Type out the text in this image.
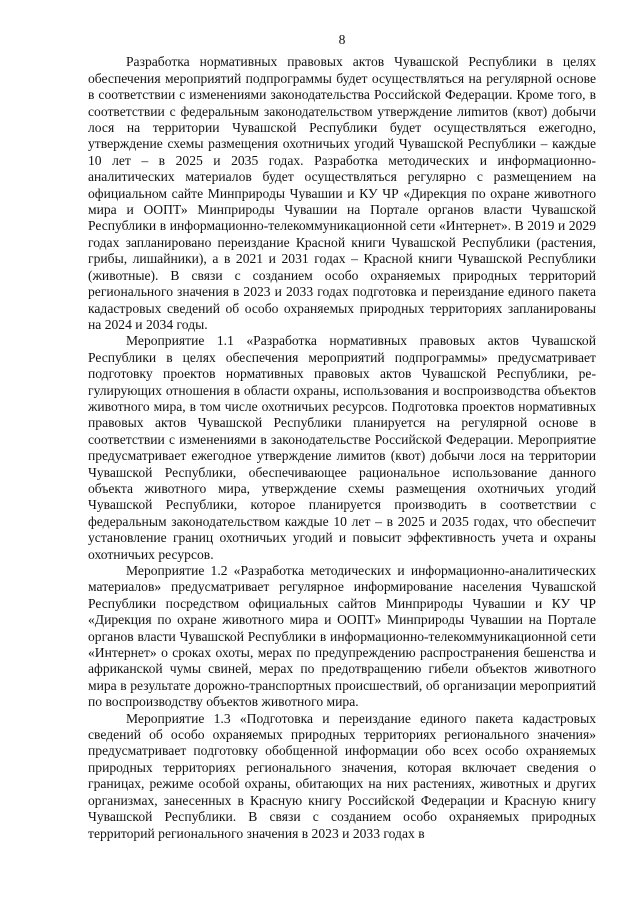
8

Разработка нормативных правовых актов Чувашской Республики в целях обеспечения мероприятий подпрограммы будет осуществляться на регулярной основе в соответствии с изменениями законодательства Российской Федерации. Кроме того, в соответствии с федеральным законодательством утверждение лиmитов (квот) добычи лося на территории Чувашской Республики будет осуществляться ежегодно, утверждение схемы размещения охотничьих угодий Чувашской Республики – каждые 10 лет – в 2025 и 2035 годах. Разработка методических и информационно-аналитических материалов будет осуществляться регулярно с размещением на официальном сайте Минприроды Чувашии и КУ ЧР «Дирекция по охране животного мира и ООПТ» Минприроды Чувашии на Портале органов власти Чувашской Республики в информационно-телекоммуникационной сети «Интернет». В 2019 и 2029 годах запланировано переиздание Красной книги Чувашской Республики (растения, грибы, лишайники), а в 2021 и 2031 годах – Красной книги Чувашской Республики (животные). В связи с созданием особо охраняемых природных территорий регионального значения в 2023 и 2033 годах подготовка и переиздание единого пакета кадастровых сведений об особо охраняемых природных территориях запланированы на 2024 и 2034 годы.

Мероприятие 1.1 «Разработка нормативных правовых актов Чувашской Республики в целях обеспечения мероприятий подпрограммы» предусматривает подготовку проектов нормативных правовых актов Чувашской Республики, регулирующих отношения в области охраны, использования и воспроизводства объектов животного мира, в том числе охотничьих ресурсов. Подготовка проектов нормативных правовых актов Чувашской Республики планируется на регулярной основе в соответствии с изменениями в законодательстве Российской Федерации. Мероприятие предусматривает ежегодное утверждение лимитов (квот) добычи лося на территории Чувашской Республики, обеспечивающее рациональное использование данного объекта животного мира, утверждение схемы размещения охотничьих угодий Чувашской Республики, которое планируется производить в соответствии с федеральным законодательством каждые 10 лет – в 2025 и 2035 годах, что обеспечит установление границ охотничьих угодий и повысит эффективность учета и охраны охотничьих ресурсов.

Мероприятие 1.2 «Разработка методических и информационно-аналитических материалов» предусматривает регулярное информирование населения Чувашской Республики посредством официальных сайтов Минприроды Чувашии и КУ ЧР «Дирекция по охране животного мира и ООПТ» Минприроды Чувашии на Портале органов власти Чувашской Республики в информационно-телекоммуникационной сети «Интернет» о сроках охоты, мерах по предупреждению распространения бешенства и африканской чумы свиней, мерах по предотвращению гибели объектов животного мира в результате дорожно-транспортных происшествий, об организации мероприятий по воспроизводству объектов животного мира.

Мероприятие 1.3 «Подготовка и переиздание единого пакета кадастровых сведений об особо охраняемых природных территориях регионального значения» предусматривает подготовку обобщенной информации обо всех особо охраняемых природных территориях регионального значения, которая включает сведения о границах, режиме особой охраны, обитающих на них растениях, животных и других организмах, занесенных в Красную книгу Российской Федерации и Красную книгу Чувашской Республики. В связи с созданием особо охраняемых природных территорий регионального значения в 2023 и 2033 годах в
